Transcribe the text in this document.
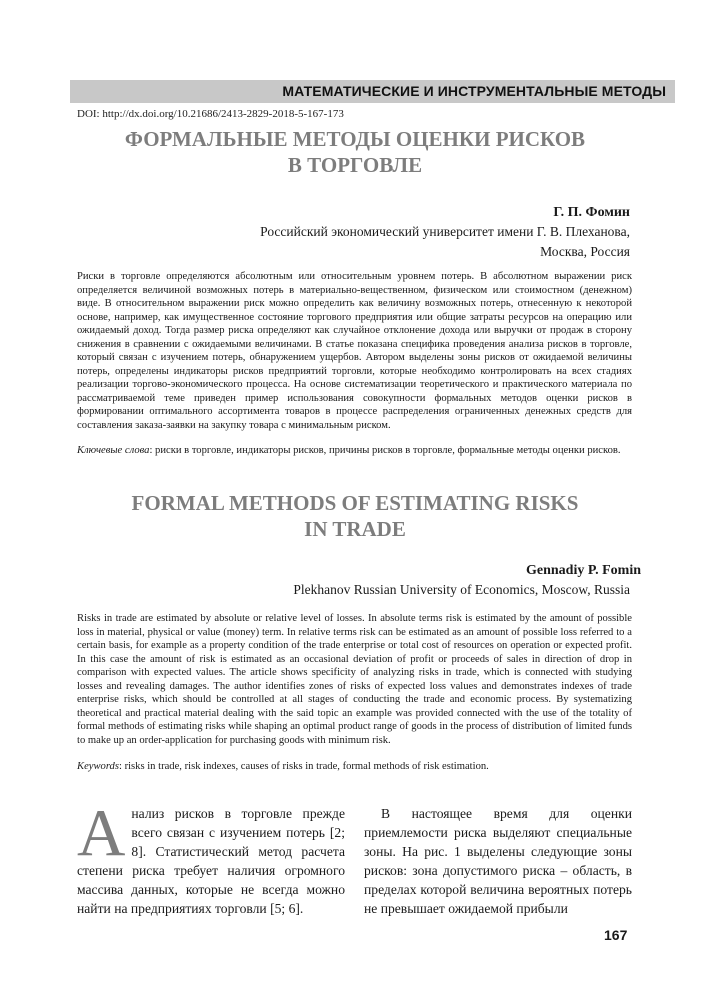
МАТЕМАТИЧЕСКИЕ И ИНСТРУМЕНТАЛЬНЫЕ МЕТОДЫ
DOI: http://dx.doi.org/10.21686/2413-2829-2018-5-167-173
ФОРМАЛЬНЫЕ МЕТОДЫ ОЦЕНКИ РИСКОВ
В ТОРГОВЛЕ
Г. П. Фомин
Российский экономический университет имени Г. В. Плеханова,
Москва, Россия

Риски в торговле определяются абсолютным или относительным уровнем потерь. В абсолютном выражении риск определяется величиной возможных потерь в материально-вещественном, физическом или стоимостном (денежном) виде. В относительном выражении риск можно определить как величину возможных потерь, отнесенную к некоторой основе, например, как имущественное состояние торгового предприятия или общие затраты ресурсов на операцию или ожидаемый доход. Тогда размер риска определяют как случайное отклонение дохода или выручки от продаж в сторону снижения в сравнении с ожидаемыми величинами. В статье показана специфика проведения анализа рисков в торговле, который связан с изучением потерь, обнаружением ущербов. Автором выделены зоны рисков от ожидаемой величины потерь, определены индикаторы рисков предприятий торговли, которые необходимо контролировать на всех стадиях реализации торгово-экономического процесса. На основе систематизации теоретического и практического материала по рассматриваемой теме приведен пример использования совокупности формальных методов оценки рисков в формировании оптимального ассортимента товаров в процессе распределения ограниченных денежных средств для составления заказа-заявки на закупку товара с минимальным риском.

Ключевые слова: риски в торговле, индикаторы рисков, причины рисков в торговле, формальные методы оценки рисков.

FORMAL METHODS OF ESTIMATING RISKS
IN TRADE
Gennadiy P. Fomin
Plekhanov Russian University of Economics, Moscow, Russia

Risks in trade are estimated by absolute or relative level of losses. In absolute terms risk is estimated by the amount of possible loss in material, physical or value (money) term. In relative terms risk can be estimated as an amount of possible loss referred to a certain basis, for example as a property condition of the trade enterprise or total cost of resources on operation or expected profit. In this case the amount of risk is estimated as an occasional deviation of profit or proceeds of sales in direction of drop in comparison with expected values. The article shows specificity of analyzing risks in trade, which is connected with studying losses and revealing damages. The author identifies zones of risks of expected loss values and demonstrates indexes of trade enterprise risks, which should be controlled at all stages of conducting the trade and economic process. By systematizing theoretical and practical material dealing with the said topic an example was provided connected with the use of the totality of formal methods of estimating risks while shaping an optimal product range of goods in the process of distribution of limited funds to make up an order-application for purchasing goods with minimum risk.

Keywords: risks in trade, risk indexes, causes of risks in trade, formal methods of risk estimation.

Анализ рисков в торговле прежде всего связан с изучением потерь [2; 8]. Статистический метод расчета степени риска требует наличия огромного массива данных, которые не всегда можно найти на предприятиях торговли [5; 6].

В настоящее время для оценки приемлемости риска выделяют специальные зоны. На рис. 1 выделены следующие зоны рисков: зона допустимого риска – область, в пределах которой величина вероятных потерь не превышает ожидаемой прибыли

167
